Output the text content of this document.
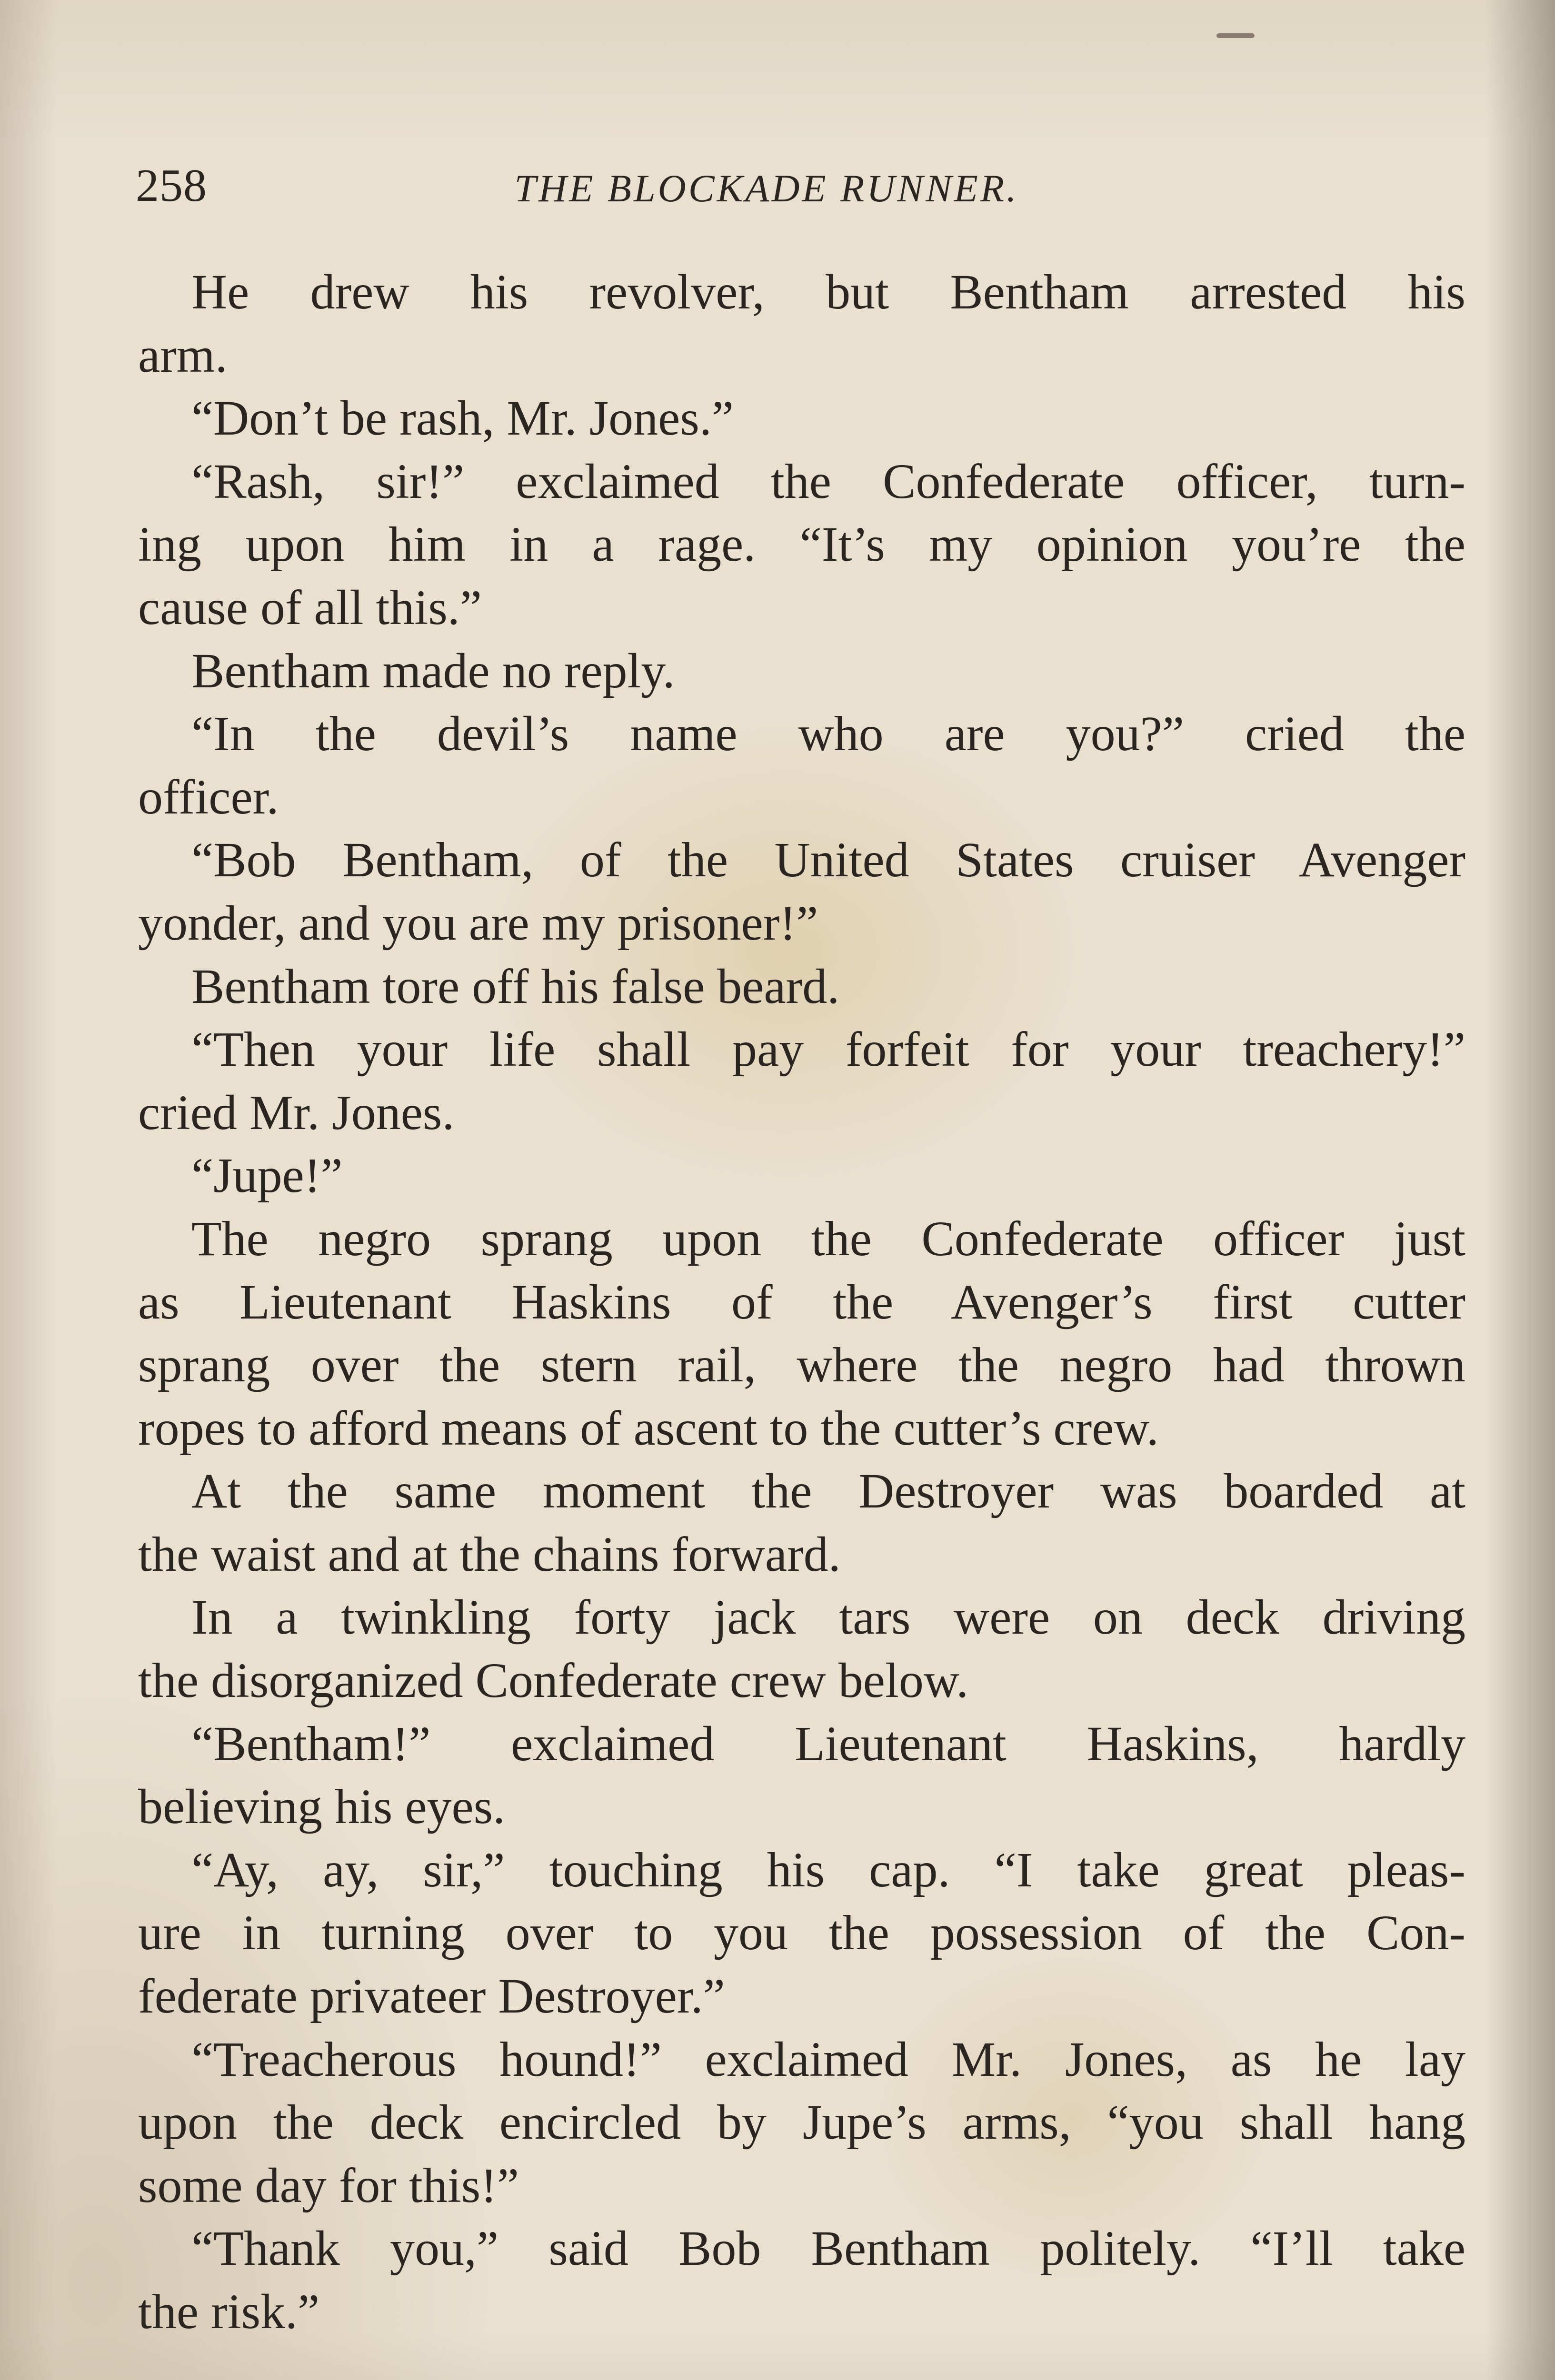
258	THE BLOCKADE RUNNER.
He drew his revolver, but Bentham arrested his
arm.
“Don’t be rash, Mr. Jones.”
“Rash, sir!” exclaimed the Confederate officer, turn-
ing upon him in a rage. “It’s my opinion you’re the
cause of all this.”
Bentham made no reply.
“In the devil’s name who are you?” cried the
officer.
“Bob Bentham, of the United States cruiser Avenger
yonder, and you are my prisoner!”
Bentham tore off his false beard.
“Then your life shall pay forfeit for your treachery!”
cried Mr. Jones.
“Jupe!”
The negro sprang upon the Confederate officer just
as Lieutenant Haskins of the Avenger’s first cutter
sprang over the stern rail, where the negro had thrown
ropes to afford means of ascent to the cutter’s crew.
At the same moment the Destroyer was boarded at
the waist and at the chains forward.
In a twinkling forty jack tars were on deck driving
the disorganized Confederate crew below.
“Bentham!” exclaimed Lieutenant Haskins, hardly
believing his eyes.
“Ay, ay, sir,” touching his cap. “I take great pleas-
ure in turning over to you the possession of the Con-
federate privateer Destroyer.”
“Treacherous hound!” exclaimed Mr. Jones, as he lay
upon the deck encircled by Jupe’s arms, “you shall hang
some day for this!”
“Thank you,” said Bob Bentham politely. “I’ll take
the risk.”
